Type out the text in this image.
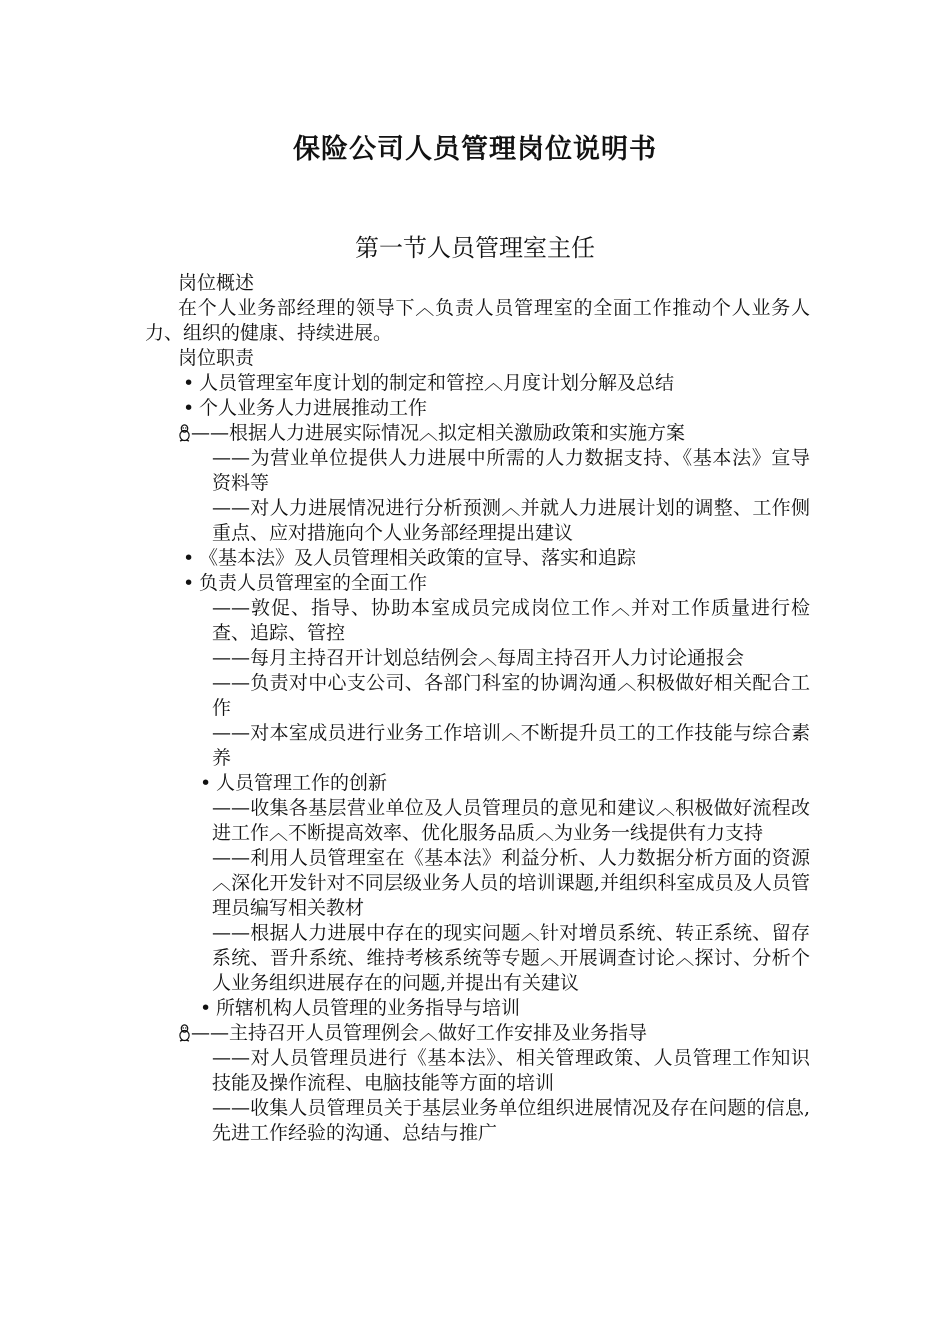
保险公司人员管理岗位说明书
第一节人员管理室主任

岗位概述

在个人业务部经理的领导下︿负责人员管理室的全面工作推动个人业务人力、组织的健康、持续进展。

岗位职责

• 人员管理室年度计划的制定和管控︿月度计划分解及总结

• 个人业务人力进展推动工作

——根据人力进展实际情况︿拟定相关激励政策和实施方案

——为营业单位提供人力进展中所需的人力数据支持、《基本法》宣导资料等

——对人力进展情况进行分析预测︿并就人力进展计划的调整、工作侧重点、应对措施向个人业务部经理提出建议

• 《基本法》及人员管理相关政策的宣导、落实和追踪

• 负责人员管理室的全面工作

——敦促、指导、协助本室成员完成岗位工作︿并对工作质量进行检查、追踪、管控

——每月主持召开计划总结例会︿每周主持召开人力讨论通报会

——负责对中心支公司、各部门科室的协调沟通︿积极做好相关配合工作

——对本室成员进行业务工作培训︿不断提升员工的工作技能与综合素养

• 人员管理工作的创新

——收集各基层营业单位及人员管理员的意见和建议︿积极做好流程改进工作︿不断提高效率、优化服务品质︿为业务一线提供有力支持

——利用人员管理室在《基本法》利益分析、人力数据分析方面的资源︿深化开发针对不同层级业务人员的培训课题,并组织科室成员及人员管理员编写相关教材

——根据人力进展中存在的现实问题︿针对增员系统、转正系统、留存系统、晋升系统、维持考核系统等专题︿开展调查讨论︿探讨、分析个人业务组织进展存在的问题,并提出有关建议

• 所辖机构人员管理的业务指导与培训

——主持召开人员管理例会︿做好工作安排及业务指导

——对人员管理员进行《基本法》、相关管理政策、人员管理工作知识技能及操作流程、电脑技能等方面的培训

——收集人员管理员关于基层业务单位组织进展情况及存在问题的信息,先进工作经验的沟通、总结与推广
